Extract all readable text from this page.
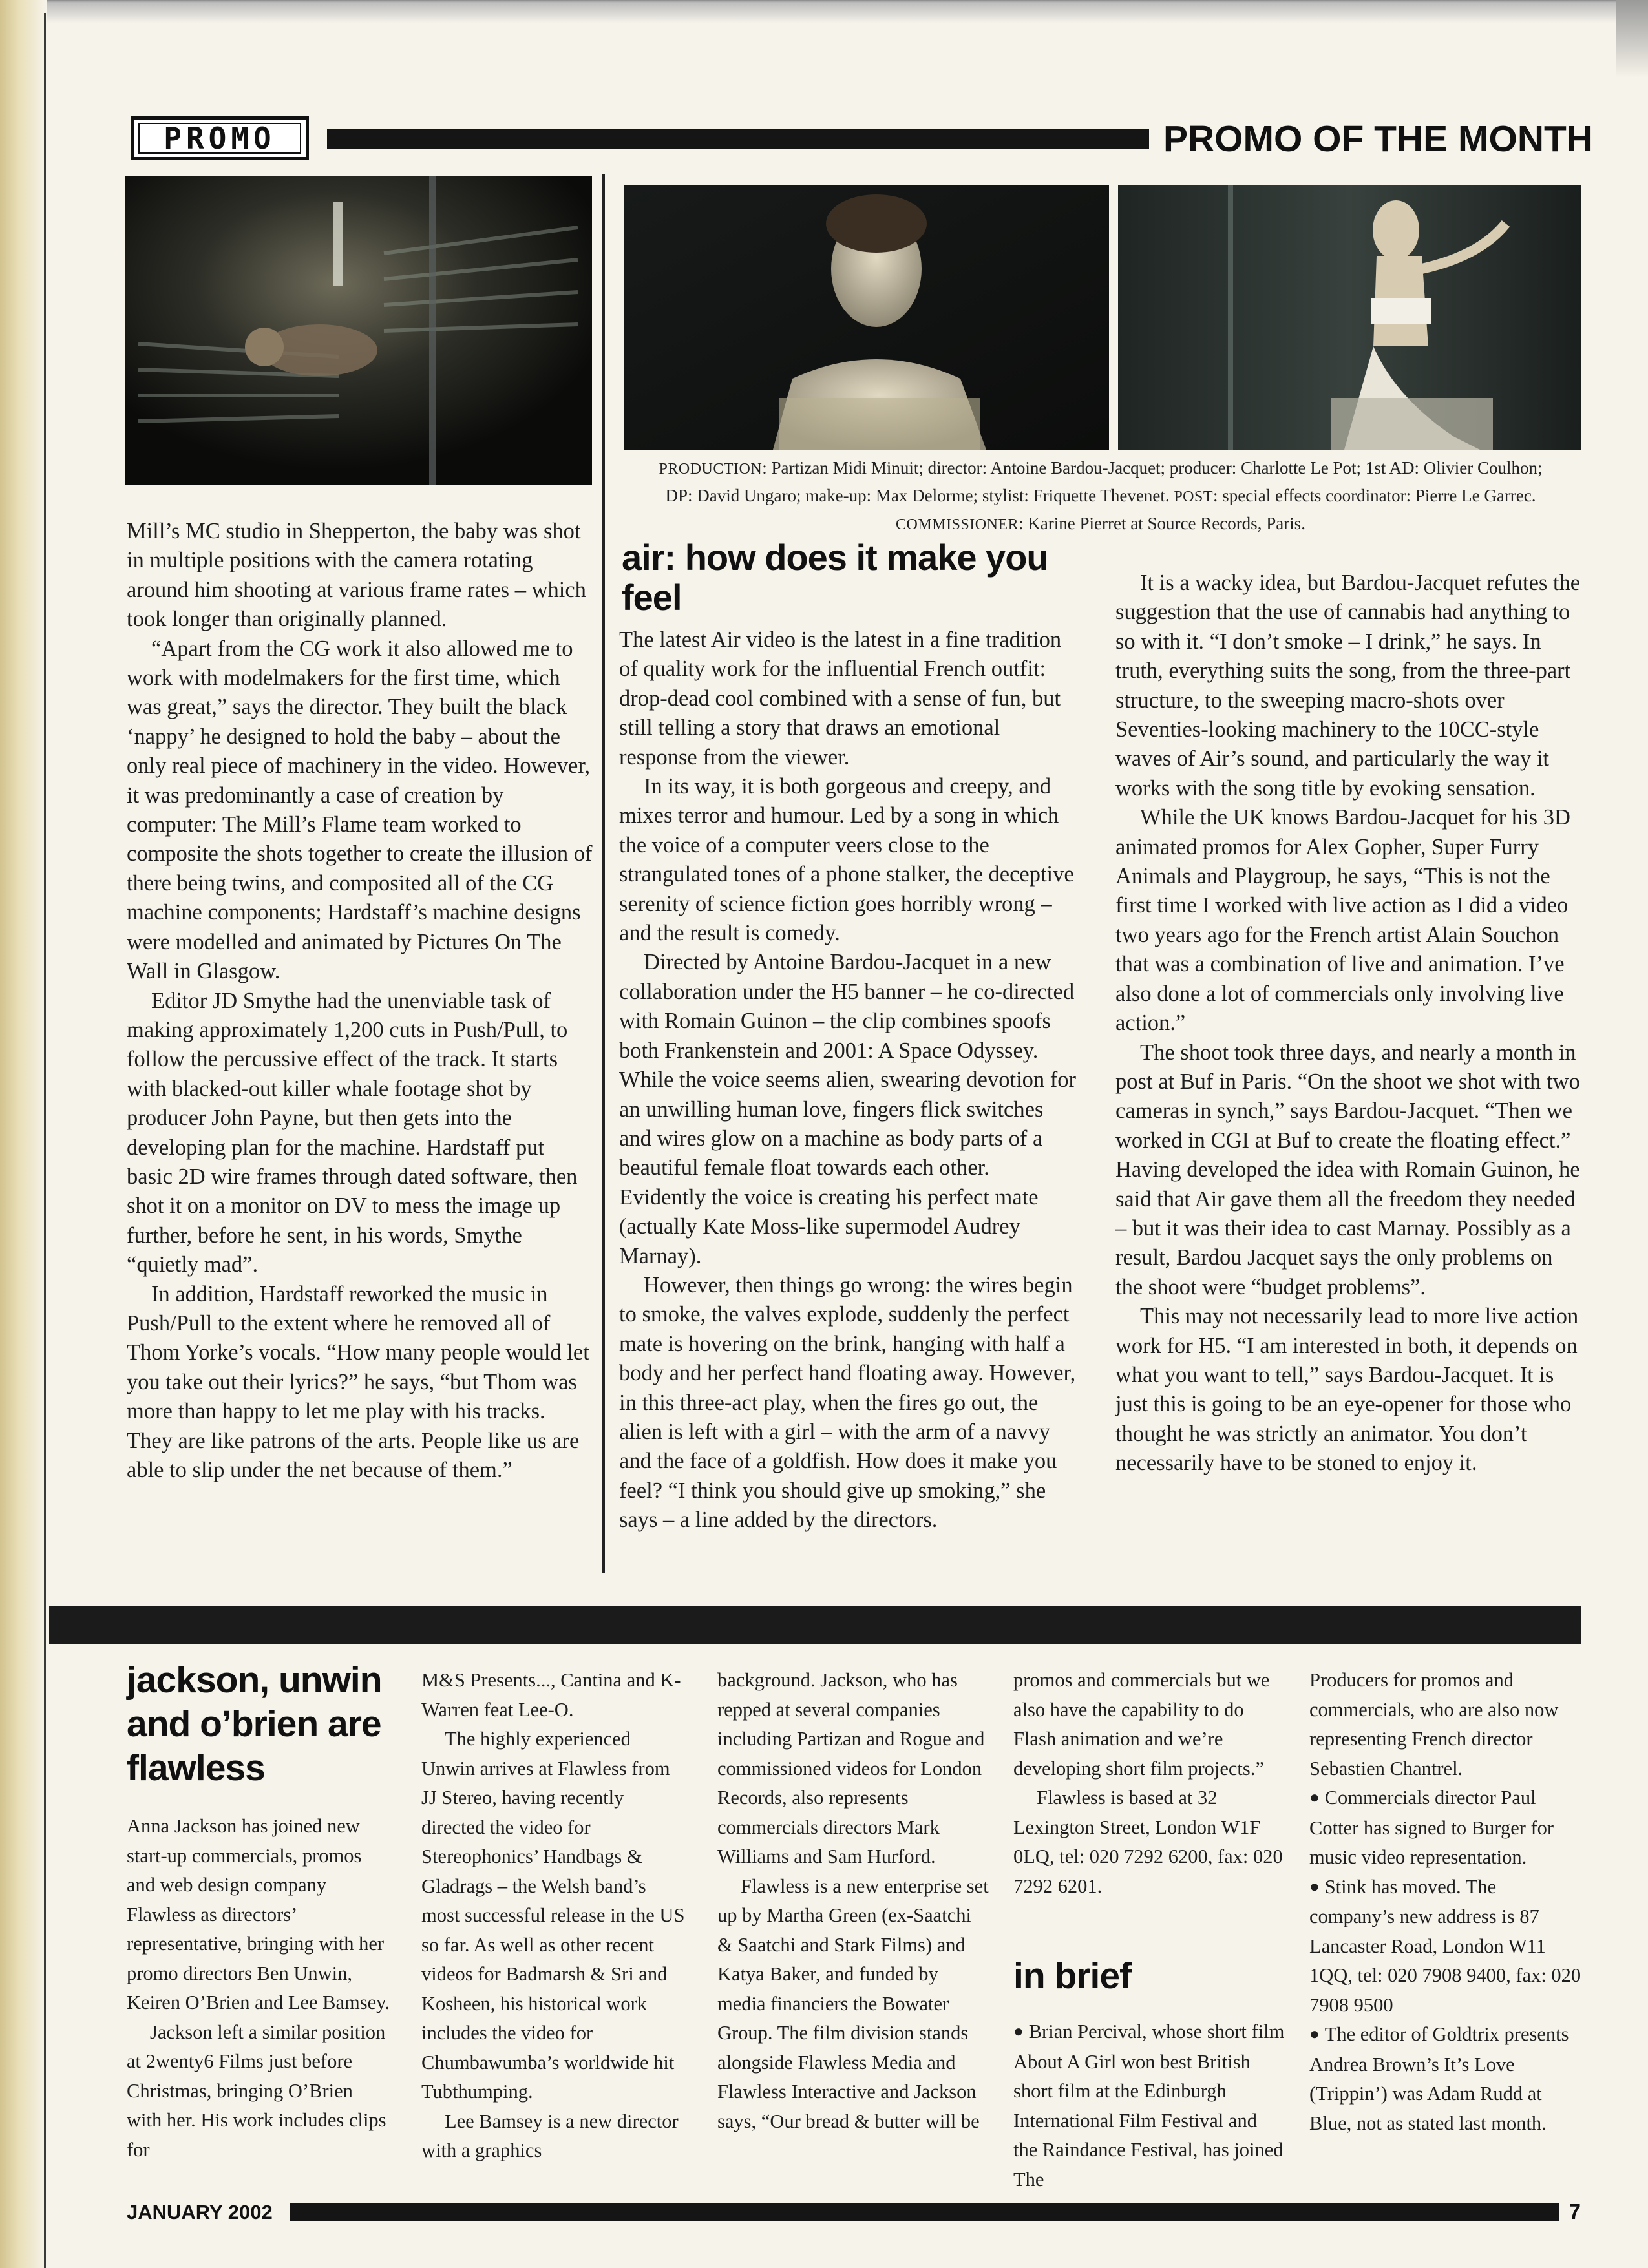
PROMO	PROMO OF THE MONTH

PRODUCTION: Partizan Midi Minuit; director: Antoine Bardou-Jacquet; producer: Charlotte Le Pot; 1st AD: Olivier Coulhon;

DP: David Ungaro; make-up: Max Delorme; stylist: Friquette Thevenet. POST: special effects coordinator: Pierre Le Garrec.

COMMISSIONER: Karine Pierret at Source Records, Paris.

air: how does it make you feel

Mill’s MC studio in Shepperton, the baby was shot in multiple positions with the camera rotating around him shooting at various frame rates – which took longer than originally planned.

“Apart from the CG work it also allowed me to work with modelmakers for the first time, which was great,” says the director. They built the black ‘nappy’ he designed to hold the baby – about the only real piece of machinery in the video. However, it was predominantly a case of creation by computer: The Mill’s Flame team worked to composite the shots together to create the illusion of there being twins, and composited all of the CG machine components; Hardstaff’s machine designs were modelled and animated by Pictures On The Wall in Glasgow.

Editor JD Smythe had the unenviable task of making approximately 1,200 cuts in Push/Pull, to follow the percussive effect of the track. It starts with blacked-out killer whale footage shot by producer John Payne, but then gets into the developing plan for the machine. Hardstaff put basic 2D wire frames through dated software, then shot it on a monitor on DV to mess the image up further, before he sent, in his words, Smythe “quietly mad”.

In addition, Hardstaff reworked the music in Push/Pull to the extent where he removed all of Thom Yorke’s vocals. “How many people would let you take out their lyrics?” he says, “but Thom was more than happy to let me play with his tracks. They are like patrons of the arts. People like us are able to slip under the net because of them.”

The latest Air video is the latest in a fine tradition of quality work for the influential French outfit: drop-dead cool combined with a sense of fun, but still telling a story that draws an emotional response from the viewer.

In its way, it is both gorgeous and creepy, and mixes terror and humour. Led by a song in which the voice of a computer veers close to the strangulated tones of a phone stalker, the deceptive serenity of science fiction goes horribly wrong – and the result is comedy.

Directed by Antoine Bardou-Jacquet in a new collaboration under the H5 banner – he co-directed with Romain Guinon – the clip combines spoofs both Frankenstein and 2001: A Space Odyssey. While the voice seems alien, swearing devotion for an unwilling human love, fingers flick switches and wires glow on a machine as body parts of a beautiful female float towards each other. Evidently the voice is creating his perfect mate (actually Kate Moss-like supermodel Audrey Marnay).

However, then things go wrong: the wires begin to smoke, the valves explode, suddenly the perfect mate is hovering on the brink, hanging with half a body and her perfect hand floating away. However, in this three-act play, when the fires go out, the alien is left with a girl – with the arm of a navvy and the face of a goldfish. How does it make you feel? “I think you should give up smoking,” she says – a line added by the directors.

It is a wacky idea, but Bardou-Jacquet refutes the suggestion that the use of cannabis had anything to so with it. “I don’t smoke – I drink,” he says. In truth, everything suits the song, from the three-part structure, to the sweeping macro-shots over Seventies-looking machinery to the 10CC-style waves of Air’s sound, and particularly the way it works with the song title by evoking sensation.

While the UK knows Bardou-Jacquet for his 3D animated promos for Alex Gopher, Super Furry Animals and Playgroup, he says, “This is not the first time I worked with live action as I did a video two years ago for the French artist Alain Souchon that was a combination of live and animation. I’ve also done a lot of commercials only involving live action.”

The shoot took three days, and nearly a month in post at Buf in Paris. “On the shoot we shot with two cameras in synch,” says Bardou-Jacquet. “Then we worked in CGI at Buf to create the floating effect.” Having developed the idea with Romain Guinon, he said that Air gave them all the freedom they needed – but it was their idea to cast Marnay. Possibly as a result, Bardou Jacquet says the only problems on the shoot were “budget problems”.

This may not necessarily lead to more live action work for H5. “I am interested in both, it depends on what you want to tell,” says Bardou-Jacquet. It is just this is going to be an eye-opener for those who thought he was strictly an animator. You don’t necessarily have to be stoned to enjoy it.

jackson, unwin and o’brien are flawless

Anna Jackson has joined new start-up commercials, promos and web design company Flawless as directors’ representative, bringing with her promo directors Ben Unwin, Keiren O’Brien and Lee Bamsey.

Jackson left a similar position at 2wenty6 Films just before Christmas, bringing O’Brien with her. His work includes clips for

M&S Presents..., Cantina and K-Warren feat Lee-O.

The highly experienced Unwin arrives at Flawless from JJ Stereo, having recently directed the video for Stereophonics’ Handbags & Gladrags – the Welsh band’s most successful release in the US so far. As well as other recent videos for Badmarsh & Sri and Kosheen, his historical work includes the video for Chumbawumba’s worldwide hit Tubthumping.

Lee Bamsey is a new director with a graphics

background. Jackson, who has repped at several companies including Partizan and Rogue and commissioned videos for London Records, also represents commercials directors Mark Williams and Sam Hurford.

Flawless is a new enterprise set up by Martha Green (ex-Saatchi & Saatchi and Stark Films) and Katya Baker, and funded by media financiers the Bowater Group. The film division stands alongside Flawless Media and Flawless Interactive and Jackson says, “Our bread & butter will be

promos and commercials but we also have the capability to do Flash animation and we’re developing short film projects.”

Flawless is based at 32 Lexington Street, London W1F 0LQ, tel: 020 7292 6200, fax: 020 7292 6201.

in brief

● Brian Percival, whose short film About A Girl won best British short film at the Edinburgh International Film Festival and the Raindance Festival, has joined The

Producers for promos and commercials, who are also now representing French director Sebastien Chantrel.

● Commercials director Paul Cotter has signed to Burger for music video representation.

● Stink has moved. The company’s new address is 87 Lancaster Road, London W11 1QQ, tel: 020 7908 9400, fax: 020 7908 9500

● The editor of Goldtrix presents Andrea Brown’s It’s Love (Trippin’) was Adam Rudd at Blue, not as stated last month.

JANUARY 2002	7
